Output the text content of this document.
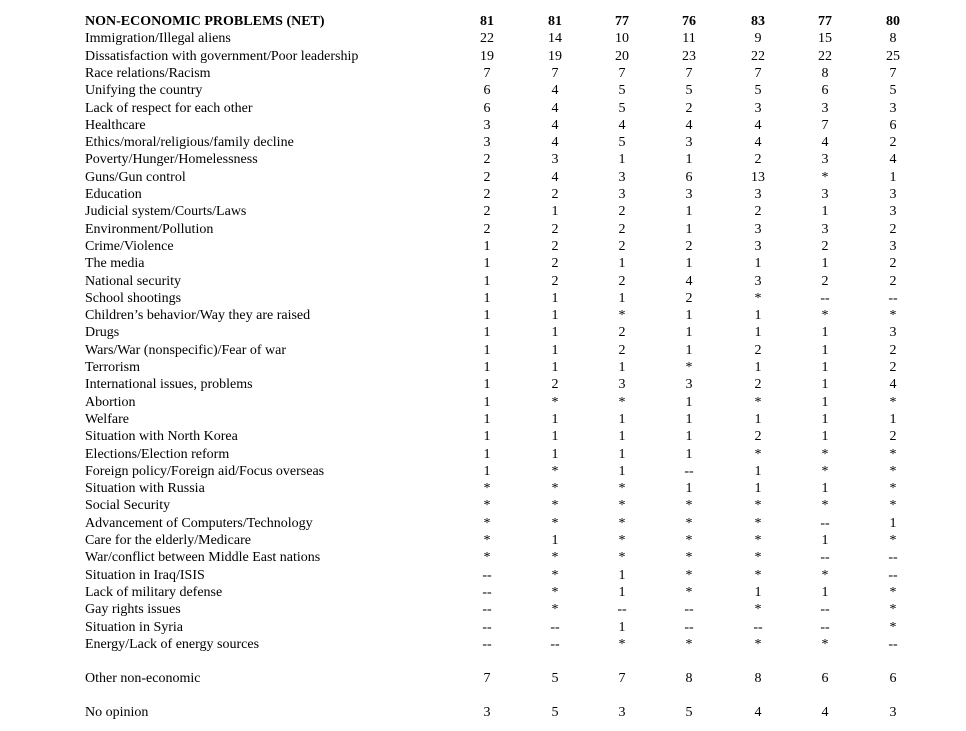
NON-ECONOMIC PROBLEMS (NET)	81	81	77	76	83	77	80
Immigration/Illegal aliens	22	14	10	11	9	15	8
Dissatisfaction with government/Poor leadership	19	19	20	23	22	22	25
Race relations/Racism	7	7	7	7	7	8	7
Unifying the country	6	4	5	5	5	6	5
Lack of respect for each other	6	4	5	2	3	3	3
Healthcare	3	4	4	4	4	7	6
Ethics/moral/religious/family decline	3	4	5	3	4	4	2
Poverty/Hunger/Homelessness	2	3	1	1	2	3	4
Guns/Gun control	2	4	3	6	13	*	1
Education	2	2	3	3	3	3	3
Judicial system/Courts/Laws	2	1	2	1	2	1	3
Environment/Pollution	2	2	2	1	3	3	2
Crime/Violence	1	2	2	2	3	2	3
The media	1	2	1	1	1	1	2
National security	1	2	2	4	3	2	2
School shootings	1	1	1	2	*	--	--
Children’s behavior/Way they are raised	1	1	*	1	1	*	*
Drugs	1	1	2	1	1	1	3
Wars/War (nonspecific)/Fear of war	1	1	2	1	2	1	2
Terrorism	1	1	1	*	1	1	2
International issues, problems	1	2	3	3	2	1	4
Abortion	1	*	*	1	*	1	*
Welfare	1	1	1	1	1	1	1
Situation with North Korea	1	1	1	1	2	1	2
Elections/Election reform	1	1	1	1	*	*	*
Foreign policy/Foreign aid/Focus overseas	1	*	1	--	1	*	*
Situation with Russia	*	*	*	1	1	1	*
Social Security	*	*	*	*	*	*	*
Advancement of Computers/Technology	*	*	*	*	*	--	1
Care for the elderly/Medicare	*	1	*	*	*	1	*
War/conflict between Middle East nations	*	*	*	*	*	--	--
Situation in Iraq/ISIS	--	*	1	*	*	*	--
Lack of military defense	--	*	1	*	1	1	*
Gay rights issues	--	*	--	--	*	--	*
Situation in Syria	--	--	1	--	--	--	*
Energy/Lack of energy sources	--	--	*	*	*	*	--
Other non-economic	7	5	7	8	8	6	6
No opinion	3	5	3	5	4	4	3
